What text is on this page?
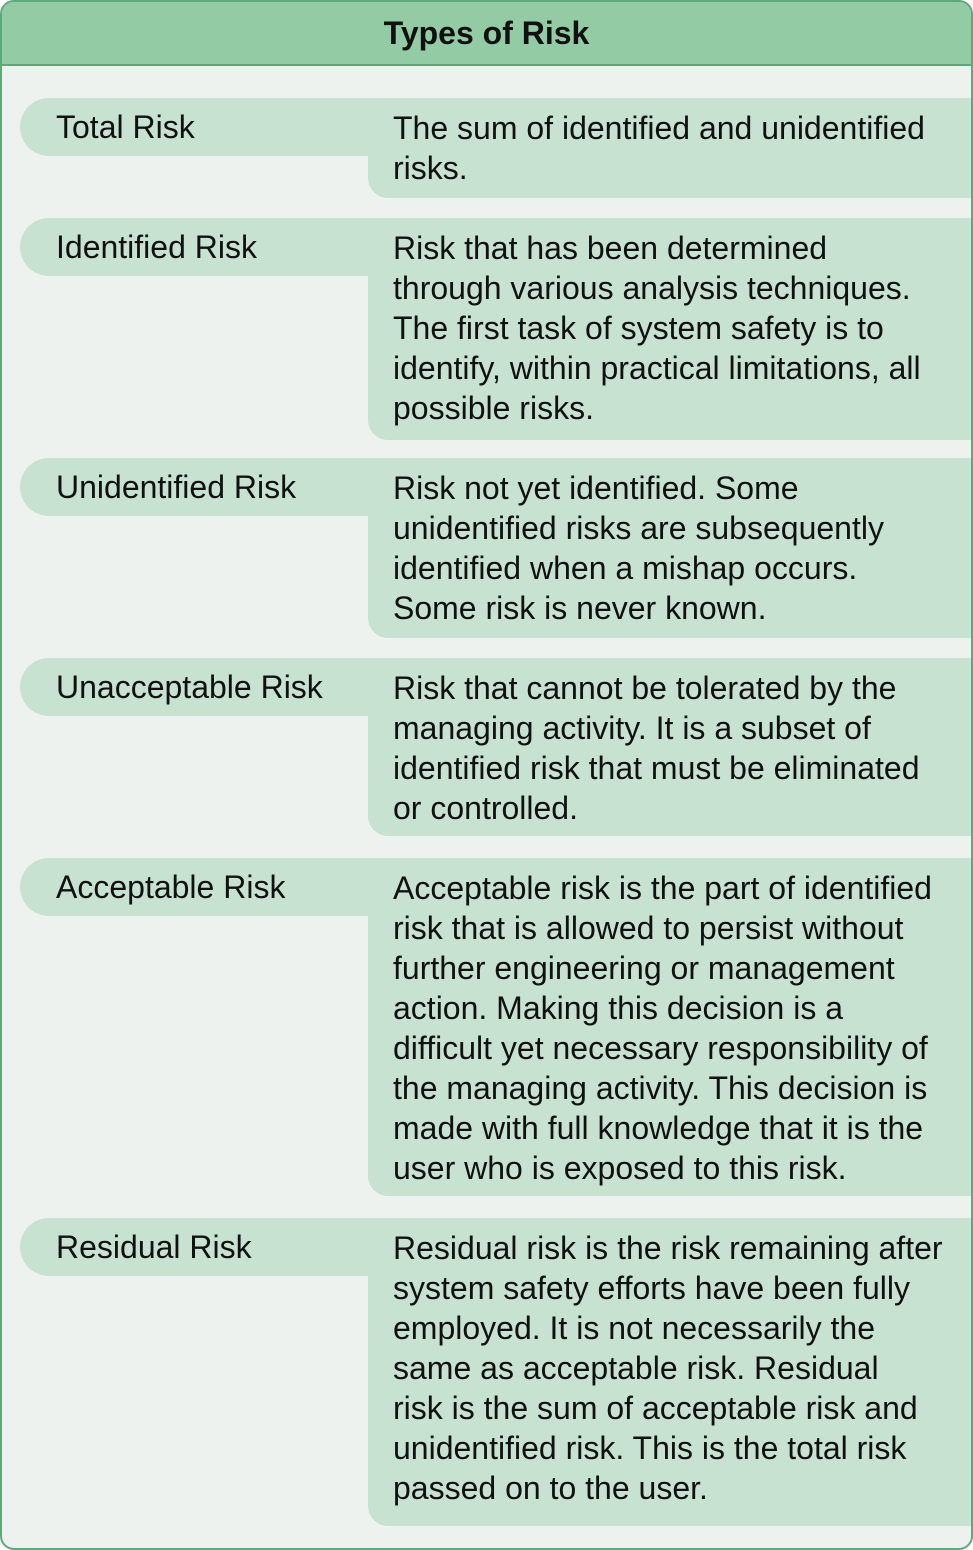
Types of Risk
Total Risk	The sum of identified and unidentified
risks.
Identified Risk	Risk that has been determined
through various analysis techniques.
The first task of system safety is to
identify, within practical limitations, all
possible risks.
Unidentified Risk	Risk not yet identified. Some
unidentified risks are subsequently
identified when a mishap occurs.
Some risk is never known.
Unacceptable Risk	Risk that cannot be tolerated by the
managing activity. It is a subset of
identified risk that must be eliminated
or controlled.
Acceptable Risk	Acceptable risk is the part of identified
risk that is allowed to persist without
further engineering or management
action. Making this decision is a
difficult yet necessary responsibility of
the managing activity. This decision is
made with full knowledge that it is the
user who is exposed to this risk.
Residual Risk	Residual risk is the risk remaining after
system safety efforts have been fully
employed. It is not necessarily the
same as acceptable risk. Residual
risk is the sum of acceptable risk and
unidentified risk. This is the total risk
passed on to the user.
